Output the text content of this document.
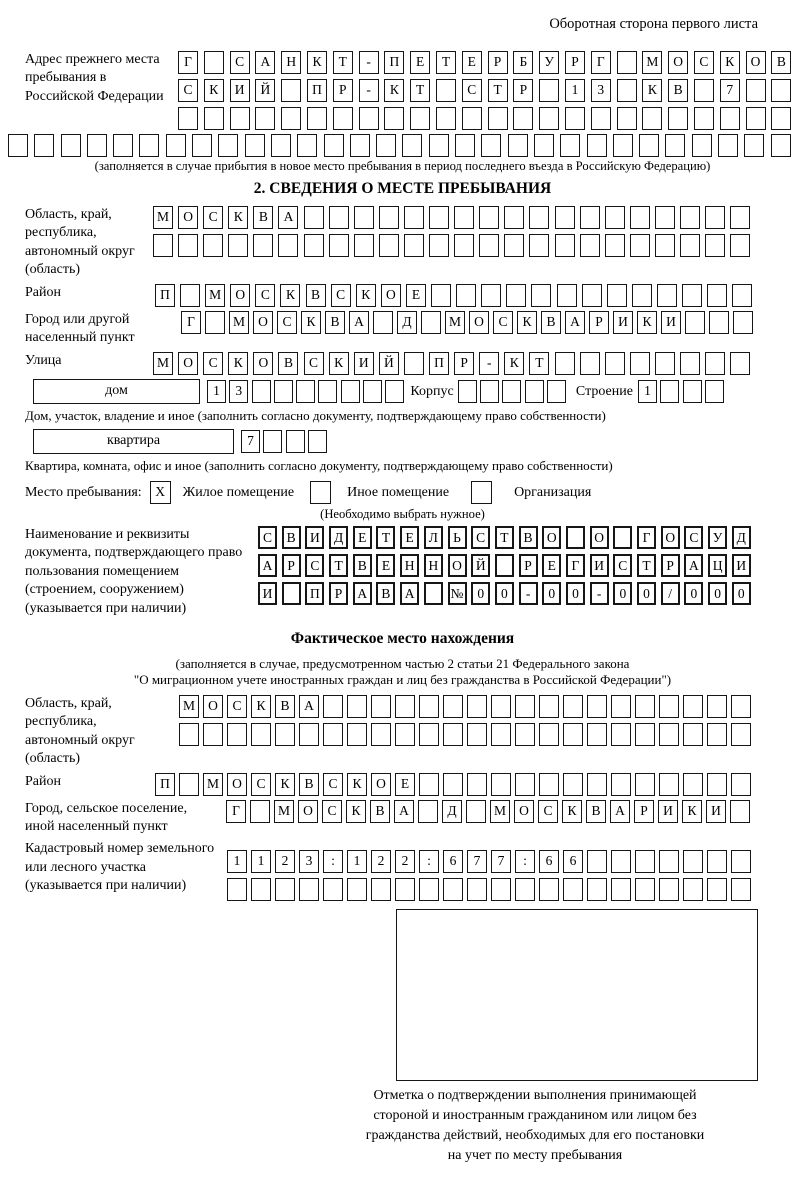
Оборотная сторона первого листа
Адрес прежнего места пребывания в Российской Федерации
Г	С	А	Н	К	Т	-	П	Е	Т	Е	Р	Б	У	Р	Г	М	О	С	К	О	В
С	К	И	Й	П	Р	-	К	Т	С	Т	Р	1	3	К	В	7
(заполняется в случае прибытия в новое место пребывания в период последнего въезда в Российскую Федерацию)
2. СВЕДЕНИЯ О МЕСТЕ ПРЕБЫВАНИЯ
Область, край, республика, автономный округ (область)
М	О	С	К	В	А
Район	П	М	О	С	К	В	С	К	О	Е
Город или другой населенный пункт
Г	М О	С	К	В	А	Д	М О	С	К	В	А	Р	И	К	И
Улица	М	О	С	К	О	В	С	К	И	Й	П	Р	-	К	Т
дом	1	3	Корпус	Строение 1
Дом, участок, владение и иное (заполнить согласно документу, подтверждающему право собственности)
квартира	7
Квартира, комната, офис и иное (заполнить согласно документу, подтверждающему право собственности)
Место пребывания:	X	Жилое помещение	Иное помещение	Организация
(Необходимо выбрать нужное)
Наименование и реквизиты документа, подтверждающего право пользования помещением (строением, сооружением) (указывается при наличии)
С	В	И	Д	Е	Т	Е	Л	Ь	С	Т	В	О	О	Г	О	С	У	Д
А	Р	С	Т	В	Е	Н	Н	О	Й	Р	Е	Г	И	С	Т	Р	А	Ц	И
И	П	Р	А	В	А	№	0	0	-	0	0	-	0	0	/	0	0	0
Фактическое место нахождения
(заполняется в случае, предусмотренном частью 2 статьи 21 Федерального закона
"О миграционном учете иностранных граждан и лиц без гражданства в Российской Федерации")
Область, край, республика, автономный округ (область)
М О	С	К	В	А
Район	П	М О	С	К	В	С	К	О	Е
Город, сельское поселение, иной населенный пункт
Г	М О	С	К	В	А	Д	М О	С	К	В	А	Р	И	К	И
Кадастровый номер земельного или лесного участка (указывается при наличии)
1	1	2	3	:	1	2	2	:	6	7	7	:	6	6
Отметка о подтверждении выполнения принимающей стороной и иностранным гражданином или лицом без гражданства действий, необходимых для его постановки на учет по месту пребывания
